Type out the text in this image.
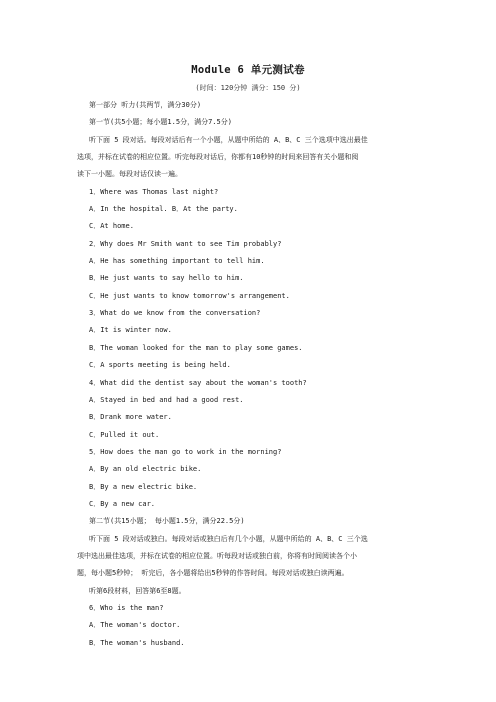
Module 6 单元测试卷
(时间：120分钟 满分：150 分)
第一部分 听力(共两节，满分30分)
第一节(共5小题；每小题1.5分，满分7.5分)
听下面 5 段对话。每段对话后有一个小题，从题中所给的 A、B、C 三个选项中选出最佳
选项，并标在试卷的相应位置。听完每段对话后，你都有10秒钟的时间来回答有关小题和阅
读下一小题。每段对话仅读一遍。
1．Where was Thomas last night?
A．In the hospital. B．At the party.
C．At home.
2．Why does Mr Smith want to see Tim probably?
A．He has something important to tell him.
B．He just wants to say hello to him.
C．He just wants to know tomorrow's arrangement.
3．What do we know from the conversation?
A．It is winter now.
B．The woman looked for the man to play some games.
C．A sports meeting is being held.
4．What did the dentist say about the woman's tooth?
A．Stayed in bed and had a good rest.
B．Drank more water.
C．Pulled it out.
5．How does the man go to work in the morning?
A．By an old electric bike.
B．By a new electric bike.
C．By a new car.
第二节(共15小题； 每小题1.5分，满分22.5分)
听下面 5 段对话或独白。每段对话或独白后有几个小题，从题中所给的 A、B、C 三个选
项中选出最佳选项，并标在试卷的相应位置。听每段对话或独白前，你将有时间阅读各个小
题，每小题5秒钟； 听完后，各小题将给出5秒钟的作答时间。每段对话或独白读两遍。
听第6段材料，回答第6至8题。
6．Who is the man?
A．The woman's doctor.
B．The woman's husband.
